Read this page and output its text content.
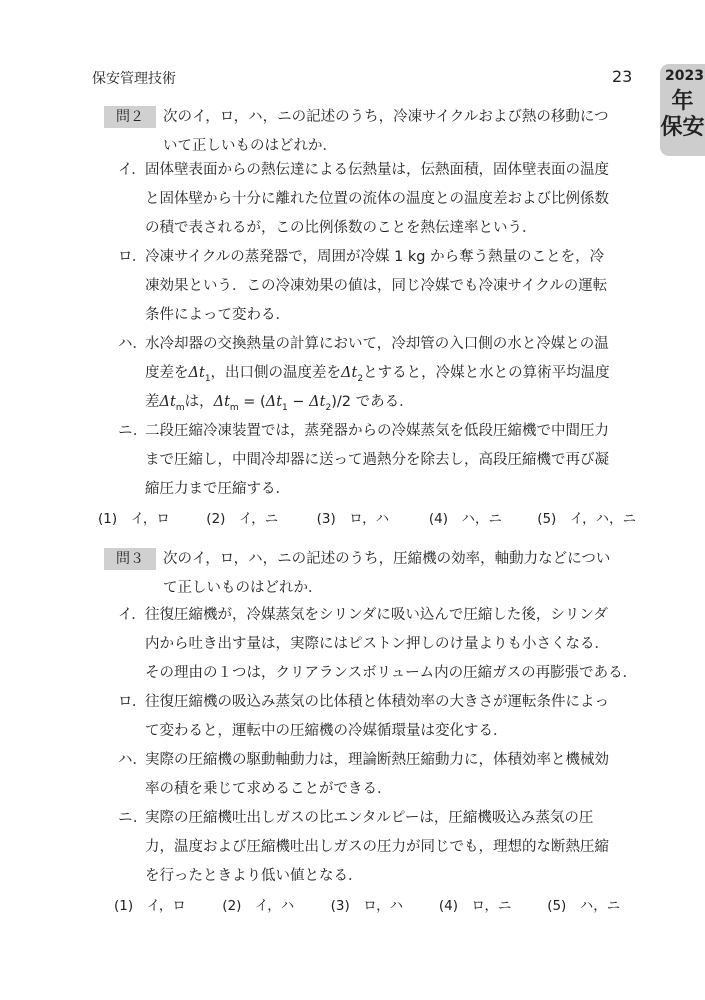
保安管理技術	23 2023
年
保安
問２	次のイ，ロ，ハ，ニの記述のうち，冷凍サイクルおよび熱の移動につ
いて正しいものはどれか．
イ． 固体壁表面からの熱伝達による伝熱量は，伝熱面積，固体壁表面の温度
と固体壁から十分に離れた位置の流体の温度との温度差および比例係数
の積で表されるが，この比例係数のことを熱伝達率という．
ロ．
冷凍サイクルの蒸発器で，周囲が冷媒 1 kg から奪う熱量のことを，冷
凍効果という．この冷凍効果の値は，同じ冷媒でも冷凍サイクルの運転
条件によって変わる．
ハ．
水冷却器の交換熱量の計算において，冷却管の入口側の水と冷媒との温
度差を$\Delta t_1$，出口側の温度差を$\Delta t_2$とすると，冷媒と水との算術平均温度
差$\Delta t_m$は，$\Delta t_m = (\Delta t_1 - \Delta t_2)/2$ である．
ニ．
二段圧縮冷凍装置では，蒸発器からの冷媒蒸気を低段圧縮機で中間圧力
まで圧縮し，中間冷却器に送って過熱分を除去し，高段圧縮機で再び凝
縮圧力まで圧縮する．
(1)　イ，ロ	(2)　イ，ニ	(3)　ロ，ハ	(4)　ハ，ニ	(5)　イ，ハ，ニ
問３	次のイ，ロ，ハ，ニの記述のうち，圧縮機の効率，軸動力などについ
て正しいものはどれか．
イ． 往復圧縮機が，冷媒蒸気をシリンダに吸い込んで圧縮した後，シリンダ
内から吐き出す量は，実際にはピストン押しのけ量よりも小さくなる．
その理由の１つは，クリアランスボリューム内の圧縮ガスの再膨張である．
ロ．
往復圧縮機の吸込み蒸気の比体積と体積効率の大きさが運転条件によっ
て変わると，運転中の圧縮機の冷媒循環量は変化する．
ハ．
実際の圧縮機の駆動軸動力は，理論断熱圧縮動力に，体積効率と機械効
率の積を乗じて求めることができる．
ニ．
実際の圧縮機吐出しガスの比エンタルピーは，圧縮機吸込み蒸気の圧
力，温度および圧縮機吐出しガスの圧力が同じでも，理想的な断熱圧縮
を行ったときより低い値となる．
(1)　イ，ロ	(2)　イ，ハ	(3)　ロ，ハ	(4)　ロ，ニ	(5)　ハ，ニ
